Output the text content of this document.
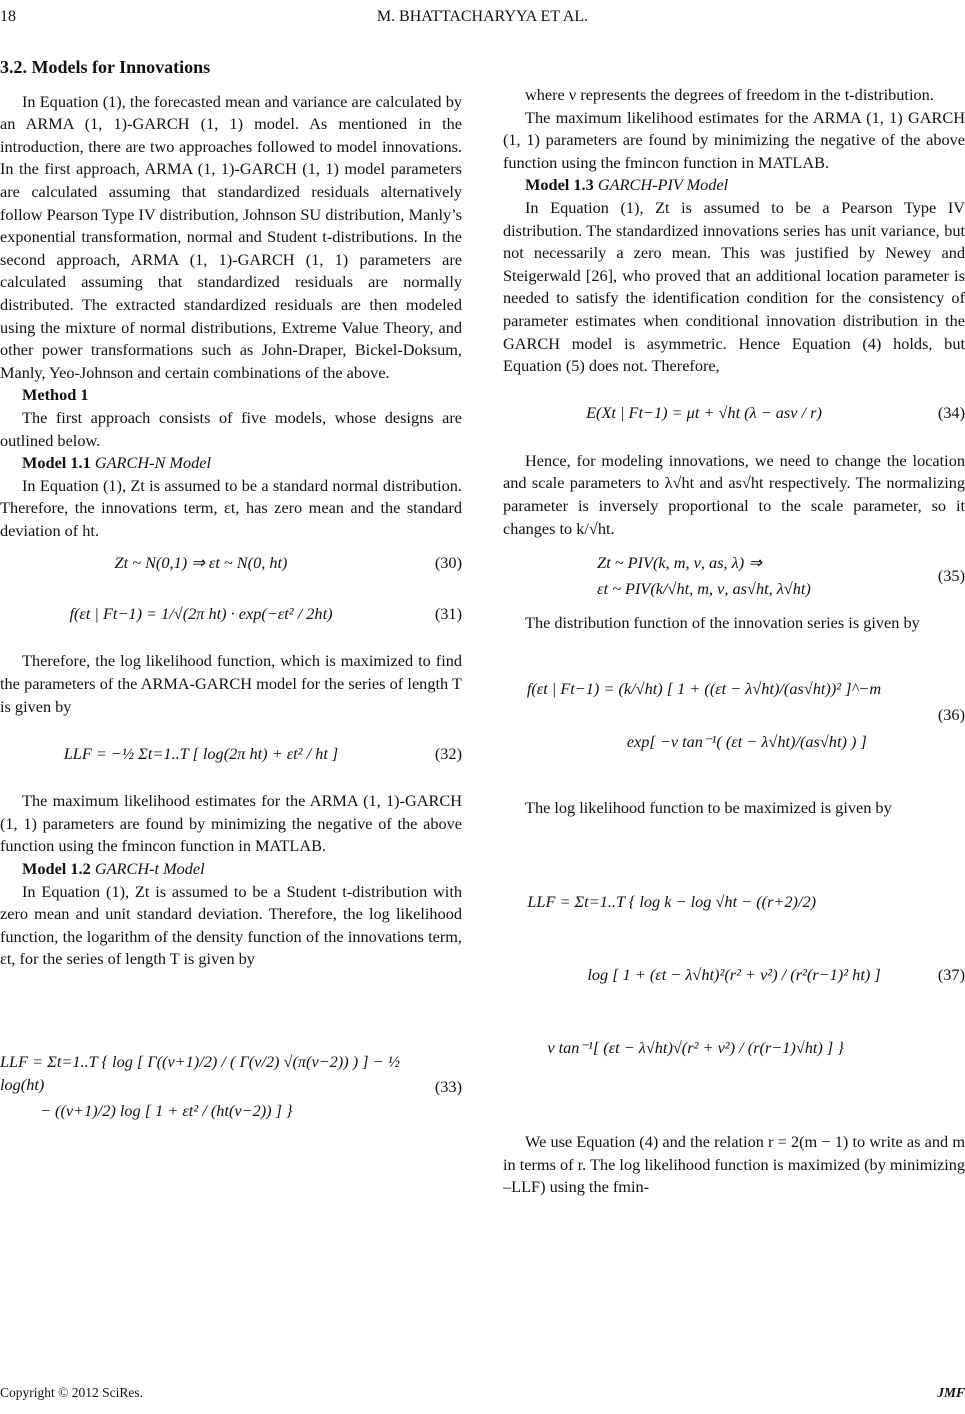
18	M. BHATTACHARYYA ET AL.

3.2. Models for Innovations

In Equation (1), the forecasted mean and variance are calculated by an ARMA (1, 1)-GARCH (1, 1) model. As mentioned in the introduction, there are two approaches followed to model innovations. In the first approach, ARMA (1, 1)-GARCH (1, 1) model parameters are calculated assuming that standardized residuals alternatively follow Pearson Type IV distribution, Johnson SU distribution, Manly’s exponential transformation, normal and Student t-distributions. In the second approach, ARMA (1, 1)-GARCH (1, 1) parameters are calculated assuming that standardized residuals are normally distributed. The extracted standardized residuals are then modeled using the mixture of normal distributions, Extreme Value Theory, and other power transformations such as John-Draper, Bickel-Doksum, Manly, Yeo-Johnson and certain combinations of the above.

Method 1

The first approach consists of five models, whose designs are outlined below.

Model 1.1 GARCH-N Model

In Equation (1), Zt is assumed to be a standard normal distribution. Therefore, the innovations term, εt, has zero mean and the standard deviation of ht.

Zt ~ N(0,1) ⇒ εt ~ N(0, ht)	(30)
f(εt | Ft−1) = 1/√(2π ht) · exp(−εt² / 2ht)	(31)

Therefore, the log likelihood function, which is maximized to find the parameters of the ARMA-GARCH model for the series of length T is given by

LLF = −½ Σt=1..T [ log(2π ht) + εt² / ht ]	(32)

The maximum likelihood estimates for the ARMA (1, 1)-GARCH (1, 1) parameters are found by minimizing the negative of the above function using the fmincon function in MATLAB.

Model 1.2 GARCH-t Model

In Equation (1), Zt is assumed to be a Student t-distribution with zero mean and unit standard deviation. Therefore, the log likelihood function, the logarithm of the density function of the innovations term, εt, for the series of length T is given by

LLF = Σt=1..T { log [ Γ((ν+1)/2) / ( Γ(ν/2) √(π(ν−2)) ) ] − ½ log(ht)
− ((ν+1)/2) log [ 1 + εt² / (ht(ν−2)) ] }
(33)

where ν represents the degrees of freedom in the t-distribution.

The maximum likelihood estimates for the ARMA (1, 1) GARCH (1, 1) parameters are found by minimizing the negative of the above function using the fmincon function in MATLAB.

Model 1.3 GARCH-PIV Model

In Equation (1), Zt is assumed to be a Pearson Type IV distribution. The standardized innovations series has unit variance, but not necessarily a zero mean. This was justified by Newey and Steigerwald [26], who proved that an additional location parameter is needed to satisfy the identification condition for the consistency of parameter estimates when conditional innovation distribution in the GARCH model is asymmetric. Hence Equation (4) holds, but Equation (5) does not. Therefore,

E(Xt | Ft−1) = μt + √ht (λ − asν / r)	(34)

Hence, for modeling innovations, we need to change the location and scale parameters to λ√ht and as√ht respectively. The normalizing parameter is inversely proportional to the scale parameter, so it changes to k/√ht.

Zt ~ PIV(k, m, ν, as, λ) ⇒
εt ~ PIV(k/√ht, m, ν, as√ht, λ√ht)
(35)

The distribution function of the innovation series is given by

f(εt | Ft−1) = (k/√ht) [ 1 + ((εt − λ√ht)/(as√ht))² ]^−m
exp[ −ν tan⁻¹( (εt − λ√ht)/(as√ht) ) ]
(36)

The log likelihood function to be maximized is given by

LLF = Σt=1..T { log k − log √ht − ((r+2)/2)
log [ 1 + (εt − λ√ht)²(r² + ν²) / (r²(r−1)² ht) ]
ν tan⁻¹[ (εt − λ√ht)√(r² + ν²) / (r(r−1)√ht) ] }
(37)

We use Equation (4) and the relation r = 2(m − 1) to write as and m in terms of r. The log likelihood function is maximized (by minimizing –LLF) using the fmin-

Copyright © 2012 SciRes.	JMF
